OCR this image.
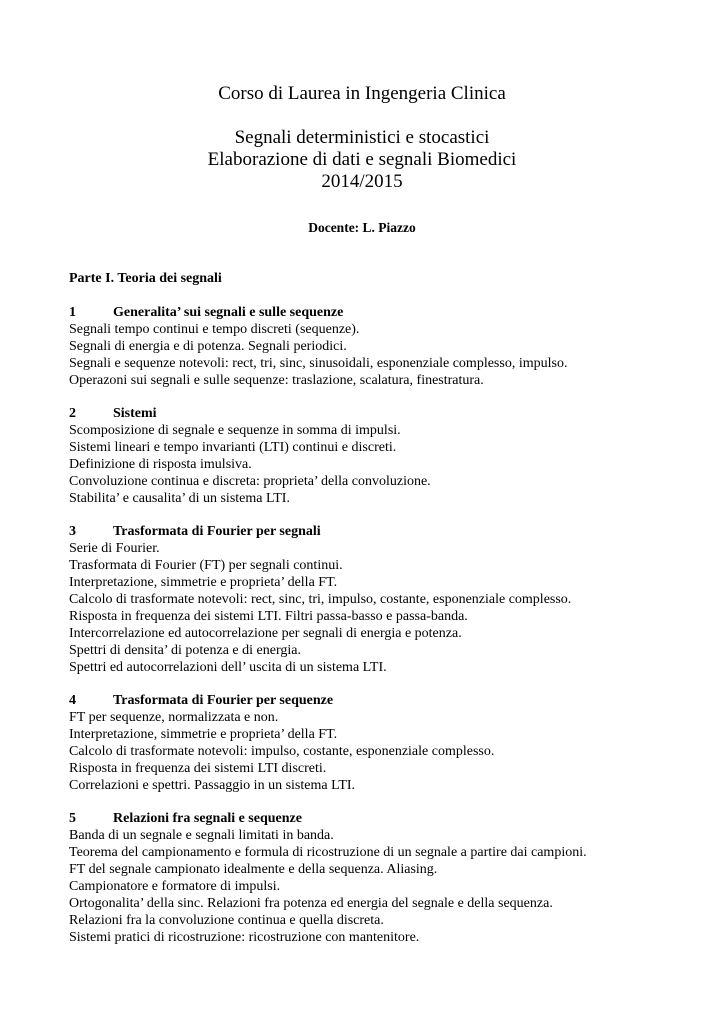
Corso di Laurea in Ingengeria Clinica
Segnali deterministici e stocastici
Elaborazione di dati e segnali Biomedici
2014/2015
Docente: L. Piazzo
Parte I. Teoria dei segnali
1	Generalita’ sui segnali e sulle sequenze
Segnali tempo continui e tempo discreti (sequenze).
Segnali di energia e di potenza. Segnali periodici.
Segnali e sequenze notevoli: rect, tri, sinc, sinusoidali, esponenziale complesso, impulso.
Operazoni sui segnali e sulle sequenze: traslazione, scalatura, finestratura.
2	Sistemi
Scomposizione di segnale e sequenze in somma di impulsi.
Sistemi lineari e tempo invarianti (LTI) continui e discreti.
Definizione di risposta imulsiva.
Convoluzione continua e discreta: proprieta’ della convoluzione.
Stabilita’ e causalita’ di un sistema LTI.
3	Trasformata di Fourier per segnali
Serie di Fourier.
Trasformata di Fourier (FT) per segnali continui.
Interpretazione, simmetrie e proprieta’ della FT.
Calcolo di trasformate notevoli: rect, sinc, tri, impulso, costante, esponenziale complesso.
Risposta in frequenza dei sistemi LTI. Filtri passa-basso e passa-banda.
Intercorrelazione ed autocorrelazione per segnali di energia e potenza.
Spettri di densita’ di potenza e di energia.
Spettri ed autocorrelazioni dell’ uscita di un sistema LTI.
4	Trasformata di Fourier per sequenze
FT per sequenze, normalizzata e non.
Interpretazione, simmetrie e proprieta’ della FT.
Calcolo di trasformate notevoli: impulso, costante, esponenziale complesso.
Risposta in frequenza dei sistemi LTI discreti.
Correlazioni e spettri. Passaggio in un sistema LTI.
5	Relazioni fra segnali e sequenze
Banda di un segnale e segnali limitati in banda.
Teorema del campionamento e formula di ricostruzione di un segnale a partire dai campioni.
FT del segnale campionato idealmente e della sequenza. Aliasing.
Campionatore e formatore di impulsi.
Ortogonalita’ della sinc. Relazioni fra potenza ed energia del segnale e della sequenza.
Relazioni fra la convoluzione continua e quella discreta.
Sistemi pratici di ricostruzione: ricostruzione con mantenitore.
